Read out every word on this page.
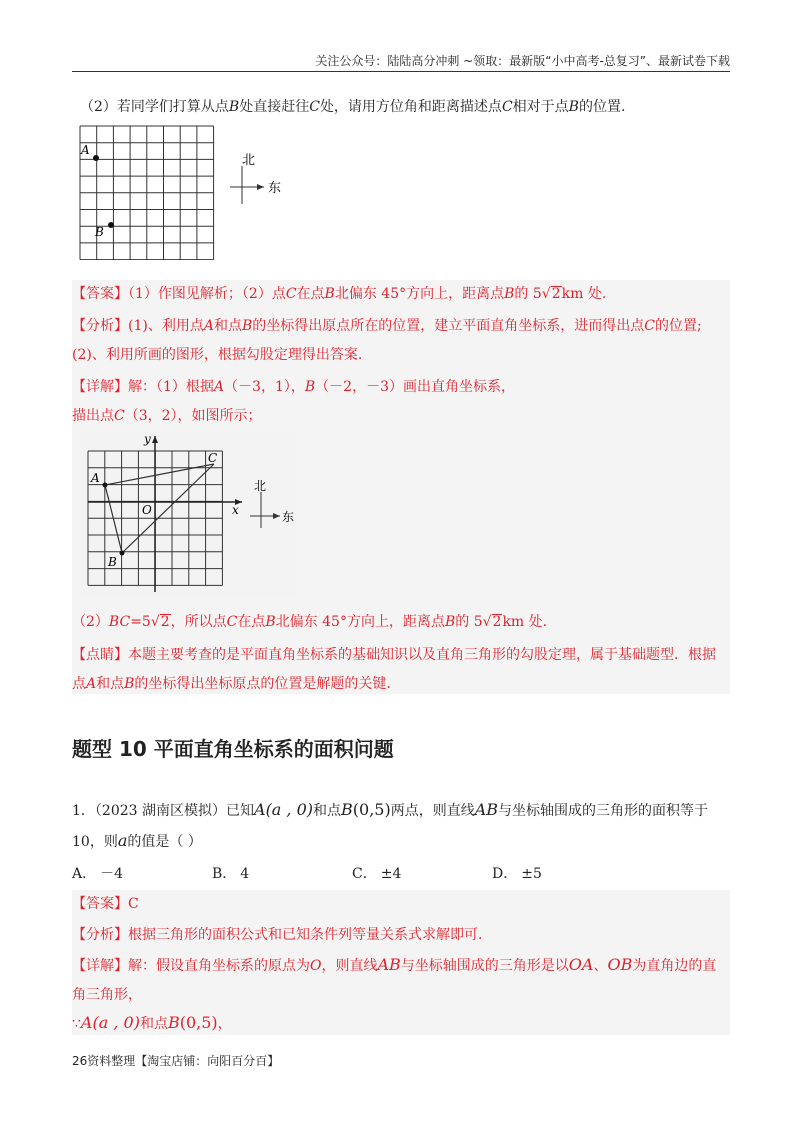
关注公众号：陆陆高分冲刺 ~领取：最新版“小中高考-总复习”、最新试卷下载
（2）若同学们打算从点B处直接赶往C处，请用方位角和距离描述点C相对于点B的位置.
A
B
北
东
【答案】（1）作图见解析；（2）点C在点B北偏东 45°方向上，距离点B的 5√2km 处.
【分析】(1)、利用点A和点B的坐标得出原点所在的位置，建立平面直角坐标系，进而得出点C的位置;
(2)、利用所画的图形，根据勾股定理得出答案.
【详解】解：（1）根据A（－3，1），B（－2，－3）画出直角坐标系，
描出点C（3，2），如图所示；
y
x
O
A
B
C
北
东
（2）BC=5√2，所以点C在点B北偏东 45°方向上，距离点B的 5√2km 处.
【点睛】本题主要考查的是平面直角坐标系的基础知识以及直角三角形的勾股定理，属于基础题型．根据
点A和点B的坐标得出坐标原点的位置是解题的关键.
题型 10 平面直角坐标系的面积问题
1．（2023 湖南区模拟）已知A(a , 0)和点B(0,5)两点，则直线AB与坐标轴围成的三角形的面积等于
10，则a的值是（ ）
A． －4	B． 4	C． ±4	D． ±5
【答案】C
【分析】根据三角形的面积公式和已知条件列等量关系式求解即可.
【详解】解：假设直角坐标系的原点为O，则直线AB与坐标轴围成的三角形是以OA、OB为直角边的直
角三角形，
∵A(a , 0)和点B(0,5)，
26资料整理【淘宝店铺：向阳百分百】
